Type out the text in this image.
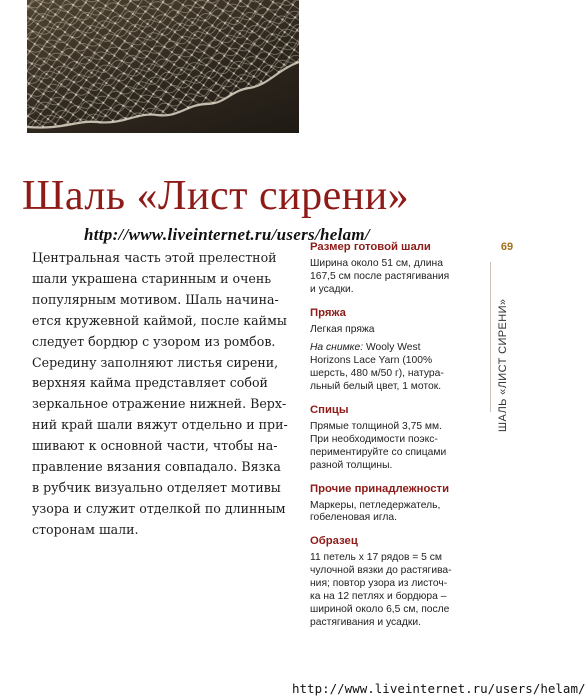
Шаль «Лист сирени»
http://www.liveinternet.ru/users/helam/

Центральная часть этой прелестной

шали украшена старинным и очень

популярным мотивом. Шаль начина-

ется кружевной каймой, после каймы

следует бордюр с узором из ромбов.

Середину заполняют листья сирени,

верхняя кайма представляет собой

зеркальное отражение нижней. Верх-

ний край шали вяжут отдельно и при-

шивают к основной части, чтобы на-

правление вязания совпадало. Вязка

в рубчик визуально отделяет мотивы

узора и служит отделкой по длинным

сторонам шали.

Размер готовой шали
Ширина около 51 см, длина
167,5 см после растягивания
и усадки.
Пряжа
Легкая пряжа
На снимке: Wooly West
Horizons Lace Yarn (100%
шерсть, 480 м/50 г), натура-
льный белый цвет, 1 моток.
Спицы
Прямые толщиной 3,75 мм.
При необходимости поэкс-
периментируйте со спицами
разной толщины.
Прочие принадлежности
Маркеры, петледержатель,
гобеленовая игла.
Образец
11 петель x 17 рядов = 5 см
чулочной вязки до растягива-
ния; повтор узора из листоч-
ка на 12 петлях и бордюра –
шириной около 6,5 см, после
растягивания и усадки.
69
ШАЛЬ «ЛИСТ СИРЕНИ»
http://www.liveinternet.ru/users/helam/
